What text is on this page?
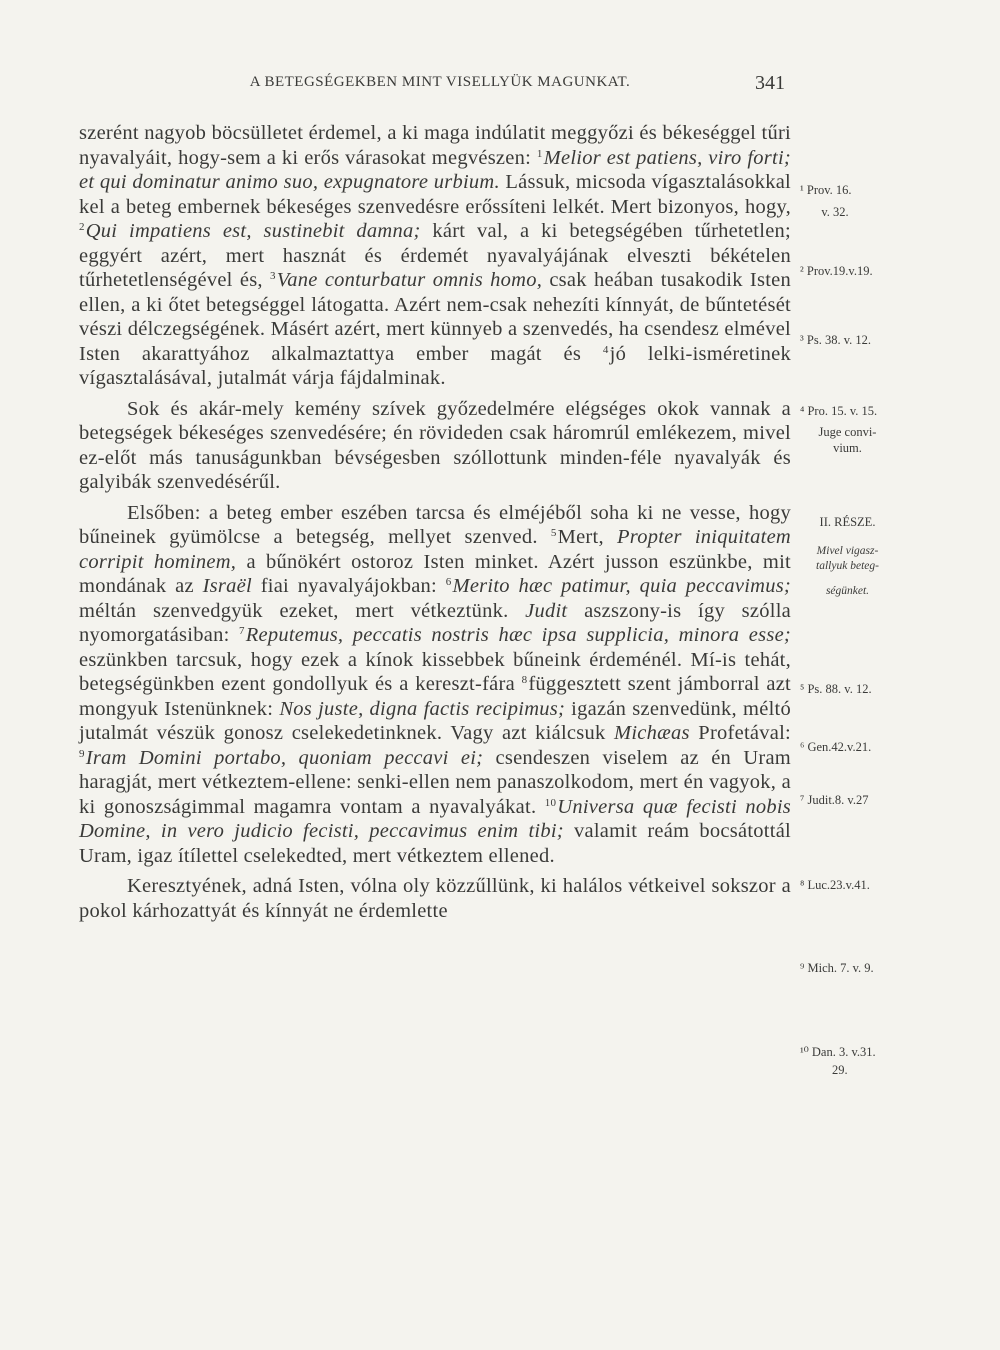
A BETEGSÉGEKBEN MINT VISELLYÜK MAGUNKAT.	341

szerént nagyob böcsülletet érdemel, a ki maga indúlatit meggyőzi és békeséggel tűri nyavalyáit, hogy-sem a ki erős várasokat megvészen: $^1$Melior est patiens, viro forti; et qui dominatur animo suo, expugnatore urbium. Lássuk, micsoda vígasztalásokkal kel a beteg embernek békeséges szenvedésre erőssíteni lelkét. Mert bizonyos, hogy, $^2$Qui impatiens est, sustinebit damna; kárt val, a ki betegségében tűrhetetlen; eggyért azért, mert hasznát és érdemét nyavalyájának elveszti békételen tűrhetetlenségével és, $^3$Vane conturbatur omnis homo, csak heában tusakodik Isten ellen, a ki őtet betegséggel látogatta. Azért nem-csak nehezíti kínnyát, de bűntetését vészi délczegségének. Másért azért, mert künnyeb a szenvedés, ha csendesz elmével Isten akarattyához alkalmaztattya ember magát és $^4$jó lelki-isméretinek vígasztalásával, jutalmát várja fájdalminak.

Sok és akár-mely kemény szívek győzedelmére elégséges okok vannak a betegségek békeséges szenvedésére; én rövideden csak háromrúl emlékezem, mivel ez-előt más tanuságunkban bévségesben szóllottunk minden-féle nyavalyák és galyibák szenvedésérűl.

Elsőben: a beteg ember eszében tarcsa és elméjéből soha ki ne vesse, hogy bűneinek gyümölcse a betegség, mellyet szenved. $^5$Mert, Propter iniquitatem corripit hominem, a bűnökért ostoroz Isten minket. Azért jusson eszünkbe, mit mondának az Israël fiai nyavalyájokban: $^6$Merito hæc patimur, quia peccavimus; méltán szenvedgyük ezeket, mert vétkeztünk. Judit aszszony-is így szólla nyomorgatásiban: $^7$Reputemus, peccatis nostris hæc ipsa supplicia, minora esse; eszünkben tarcsuk, hogy ezek a kínok kissebbek bűneink érdeménél. Mí-is tehát, betegségünkben ezent gondollyuk és a kereszt-fára $^8$függesztett szent jámborral azt mongyuk Istenünknek: Nos juste, digna factis recipimus; igazán szenvedünk, méltó jutalmát vészük gonosz cselekedetinknek. Vagy azt kiálcsuk Michæas Profetával: $^9$Iram Domini portabo, quoniam peccavi ei; csendeszen viselem az én Uram haragját, mert vétkeztem-ellene: senki-ellen nem panaszolkodom, mert én vagyok, a ki gonoszságimmal magamra vontam a nyavalyákat. $^{10}$Universa quæ fecisti nobis Domine, in vero judicio fecisti, peccavimus enim tibi; valamit reám bocsátottál Uram, igaz ítílettel cselekedted, mert vétkeztem ellened.

Keresztyének, adná Isten, vólna oly közzűllünk, ki halálos vétkeivel sokszor a pokol kárhozattyát és kínnyát ne érdemlette

¹ Prov. 16.
v. 32.
² Prov.19.v.19.
³ Ps. 38. v. 12.
⁴ Pro. 15. v. 15.
Juge convi-
vium.
II. RÉSZE.
Mivel vigasz-
tallyuk beteg-
ségünket.
⁵ Ps. 88. v. 12.
⁶ Gen.42.v.21.
⁷ Judit.8. v.27
⁸ Luc.23.v.41.
⁹ Mich. 7. v. 9.
¹⁰ Dan. 3. v.31.
29.
